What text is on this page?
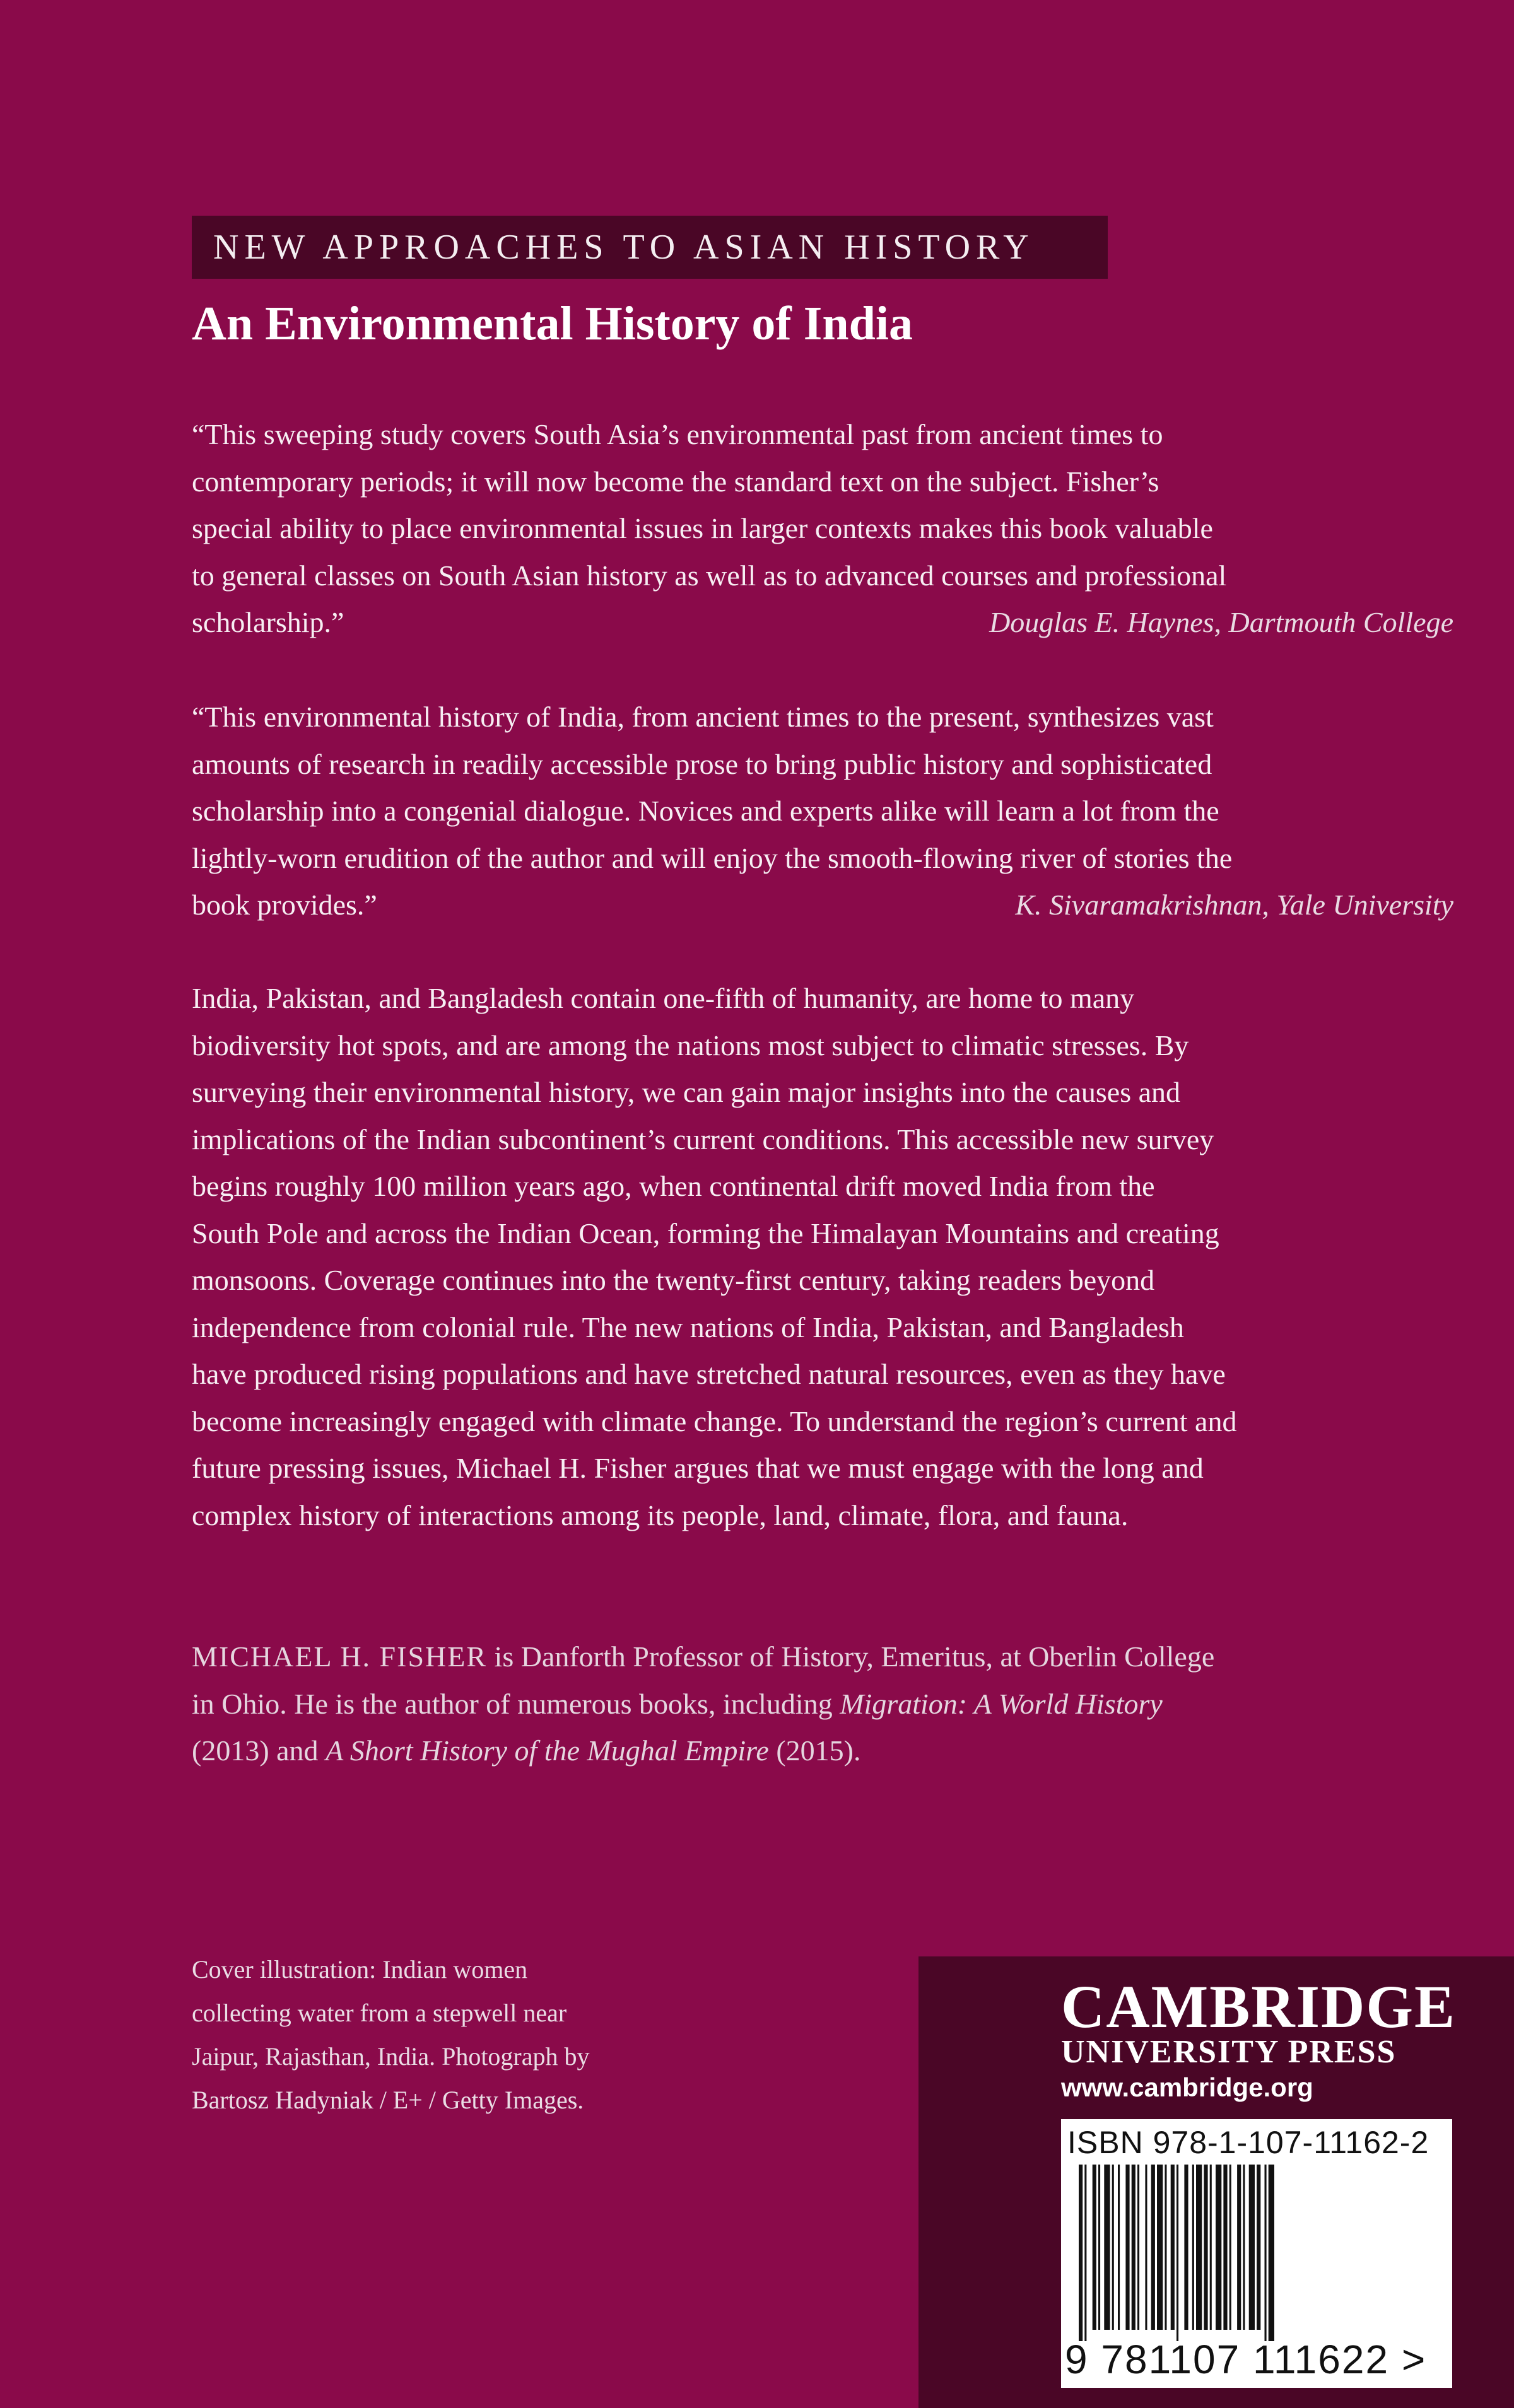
NEW APPROACHES TO ASIAN HISTORY
An Environmental History of India
“This sweeping study covers South Asia’s environmental past from ancient times to
contemporary periods; it will now become the standard text on the subject. Fisher’s
special ability to place environmental issues in larger contexts makes this book valuable
to general classes on South Asian history as well as to advanced courses and professional
scholarship.”	Douglas E. Haynes, Dartmouth College
“This environmental history of India, from ancient times to the present, synthesizes vast
amounts of research in readily accessible prose to bring public history and sophisticated
scholarship into a congenial dialogue. Novices and experts alike will learn a lot from the
lightly-worn erudition of the author and will enjoy the smooth-flowing river of stories the
book provides.”	K. Sivaramakrishnan, Yale University
India, Pakistan, and Bangladesh contain one-fifth of humanity, are home to many
biodiversity hot spots, and are among the nations most subject to climatic stresses. By
surveying their environmental history, we can gain major insights into the causes and
implications of the Indian subcontinent’s current conditions. This accessible new survey
begins roughly 100 million years ago, when continental drift moved India from the
South Pole and across the Indian Ocean, forming the Himalayan Mountains and creating
monsoons. Coverage continues into the twenty-first century, taking readers beyond
independence from colonial rule. The new nations of India, Pakistan, and Bangladesh
have produced rising populations and have stretched natural resources, even as they have
become increasingly engaged with climate change. To understand the region’s current and
future pressing issues, Michael H. Fisher argues that we must engage with the long and
complex history of interactions among its people, land, climate, flora, and fauna.
MICHAEL H. FISHER is Danforth Professor of History, Emeritus, at Oberlin College
in Ohio. He is the author of numerous books, including Migration: A World History
(2013) and A Short History of the Mughal Empire (2015).
Cover illustration: Indian women
collecting water from a stepwell near
Jaipur, Rajasthan, India. Photograph by
Bartosz Hadyniak / E+ / Getty Images.
CAMBRIDGE
UNIVERSITY PRESS
www.cambridge.org
ISBN 978-1-107-11162-2
9 781107 111622 >
